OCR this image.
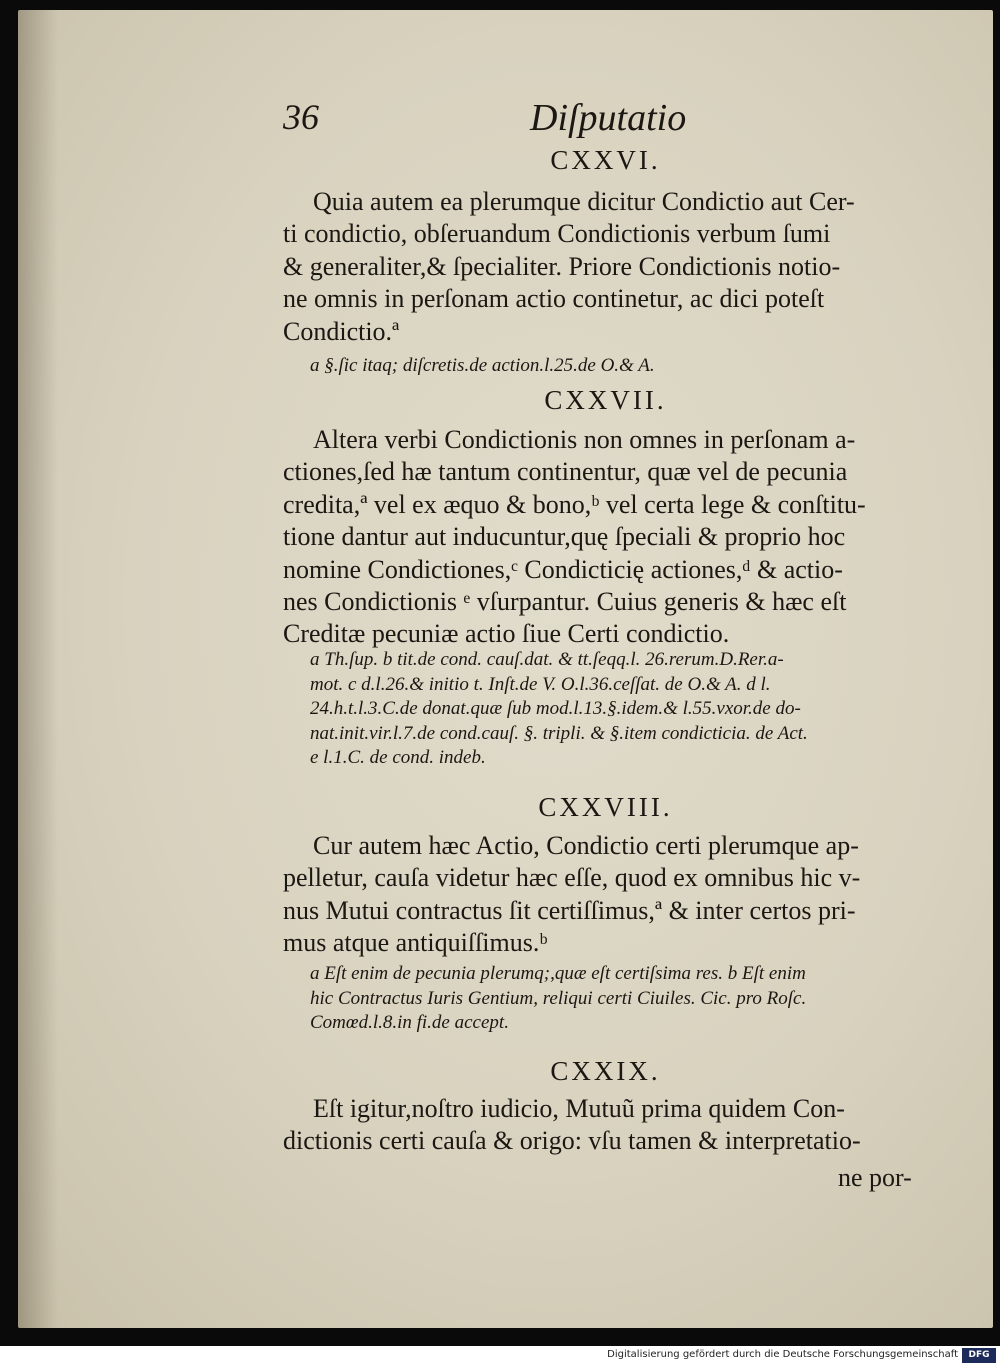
36	Diſputatio
CXXVI.
Quia autem ea plerumque dicitur Condictio aut Cer-
ti condictio, obſeruandum Condictionis verbum ſumi
& generaliter,& ſpecialiter. Priore Condictionis notio-
ne omnis in perſonam actio continetur, ac dici poteſt
Condictio.ª
a §.ſic itaq; diſcretis.de action.l.25.de O.& A.
CXXVII.
Altera verbi Condictionis non omnes in perſonam a-
ctiones,ſed hæ tantum continentur, quæ vel de pecunia
credita,ª vel ex æquo & bono,ᵇ vel certa lege & conſtitu-
tione dantur aut inducuntur,quę ſpeciali & proprio hoc
nomine Condictiones,ᶜ Condicticię actiones,ᵈ & actio-
nes Condictionis ᵉ vſurpantur. Cuius generis & hæc eſt
Creditæ pecuniæ actio ſiue Certi condictio.
a Th.ſup. b tit.de cond. cauſ.dat. & tt.ſeqq.l. 26.rerum.D.Rer.a-
mot. c d.l.26.& initio t. Inſt.de V. O.l.36.ceſſat. de O.& A. d l.
24.h.t.l.3.C.de donat.quæ ſub mod.l.13.§.idem.& l.55.vxor.de do-
nat.init.vir.l.7.de cond.cauſ. §. tripli. & §.item condicticia. de Act.
e l.1.C. de cond. indeb.
CXXVIII.
Cur autem hæc Actio, Condictio certi plerumque ap-
pelletur, cauſa videtur hæc eſſe, quod ex omnibus hic v-
nus Mutui contractus ſit certiſſimus,ª & inter certos pri-
mus atque antiquiſſimus.ᵇ
a Eſt enim de pecunia plerumq;,quæ eſt certiſsima res. b Eſt enim
hic Contractus Iuris Gentium, reliqui certi Ciuiles. Cic. pro Roſc.
Comœd.l.8.in fi.de accept.
CXXIX.
Eſt igitur,noſtro iudicio, Mutuũ prima quidem Con-
dictionis certi cauſa & origo: vſu tamen & interpretatio-
ne por-
Digitalisierung gefördert durch die Deutsche Forschungsgemeinschaft	DFG
